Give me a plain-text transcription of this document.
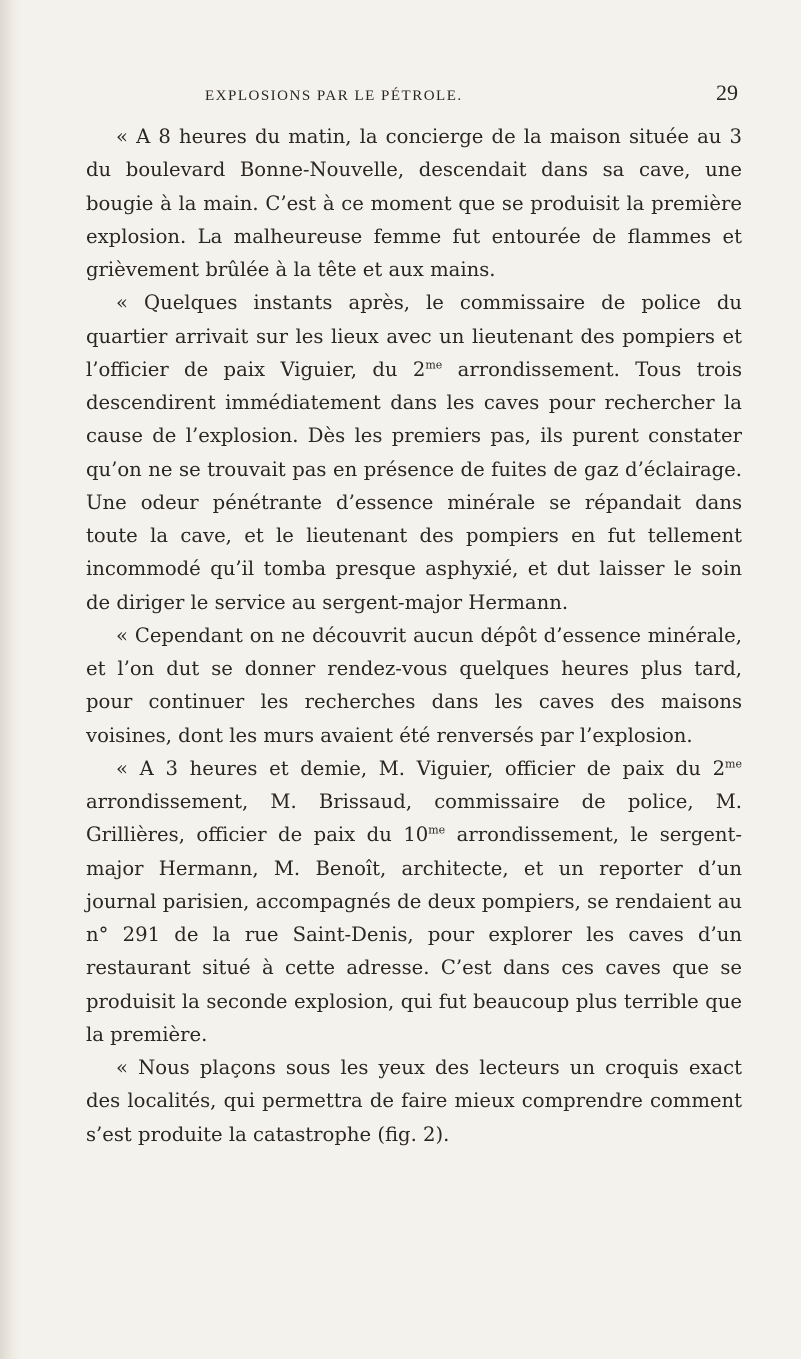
EXPLOSIONS PAR LE PÉTROLE.	29

« A 8 heures du matin, la concierge de la maison située au 3 du boulevard Bonne-Nouvelle, descendait dans sa cave, une bougie à la main. C’est à ce moment que se produisit la première explosion. La malheureuse femme fut entourée de flammes et grièvement brûlée à la tête et aux mains.

« Quelques instants après, le commissaire de police du quartier arrivait sur les lieux avec un lieutenant des pompiers et l’officier de paix Viguier, du $2^{me}$ arrondissement. Tous trois descendirent immédiatement dans les caves pour rechercher la cause de l’explosion. Dès les premiers pas, ils purent constater qu’on ne se trouvait pas en présence de fuites de gaz d’éclairage. Une odeur pénétrante d’essence minérale se répandait dans toute la cave, et le lieutenant des pompiers en fut tellement incommodé qu’il tomba presque asphyxié, et dut laisser le soin de diriger le service au sergent-major Hermann.

« Cependant on ne découvrit aucun dépôt d’essence minérale, et l’on dut se donner rendez-vous quelques heures plus tard, pour continuer les recherches dans les caves des maisons voisines, dont les murs avaient été renversés par l’explosion.

« A 3 heures et demie, M. Viguier, officier de paix du $2^{me}$ arrondissement, M. Brissaud, commissaire de police, M. Grillières, officier de paix du $10^{me}$ arrondissement, le sergent-major Hermann, M. Benoît, architecte, et un reporter d’un journal parisien, accompagnés de deux pompiers, se rendaient au n° 291 de la rue Saint-Denis, pour explorer les caves d’un restaurant situé à cette adresse. C’est dans ces caves que se produisit la seconde explosion, qui fut beaucoup plus terrible que la première.

« Nous plaçons sous les yeux des lecteurs un croquis exact des localités, qui permettra de faire mieux comprendre comment s’est produite la catastrophe (fig. 2).
